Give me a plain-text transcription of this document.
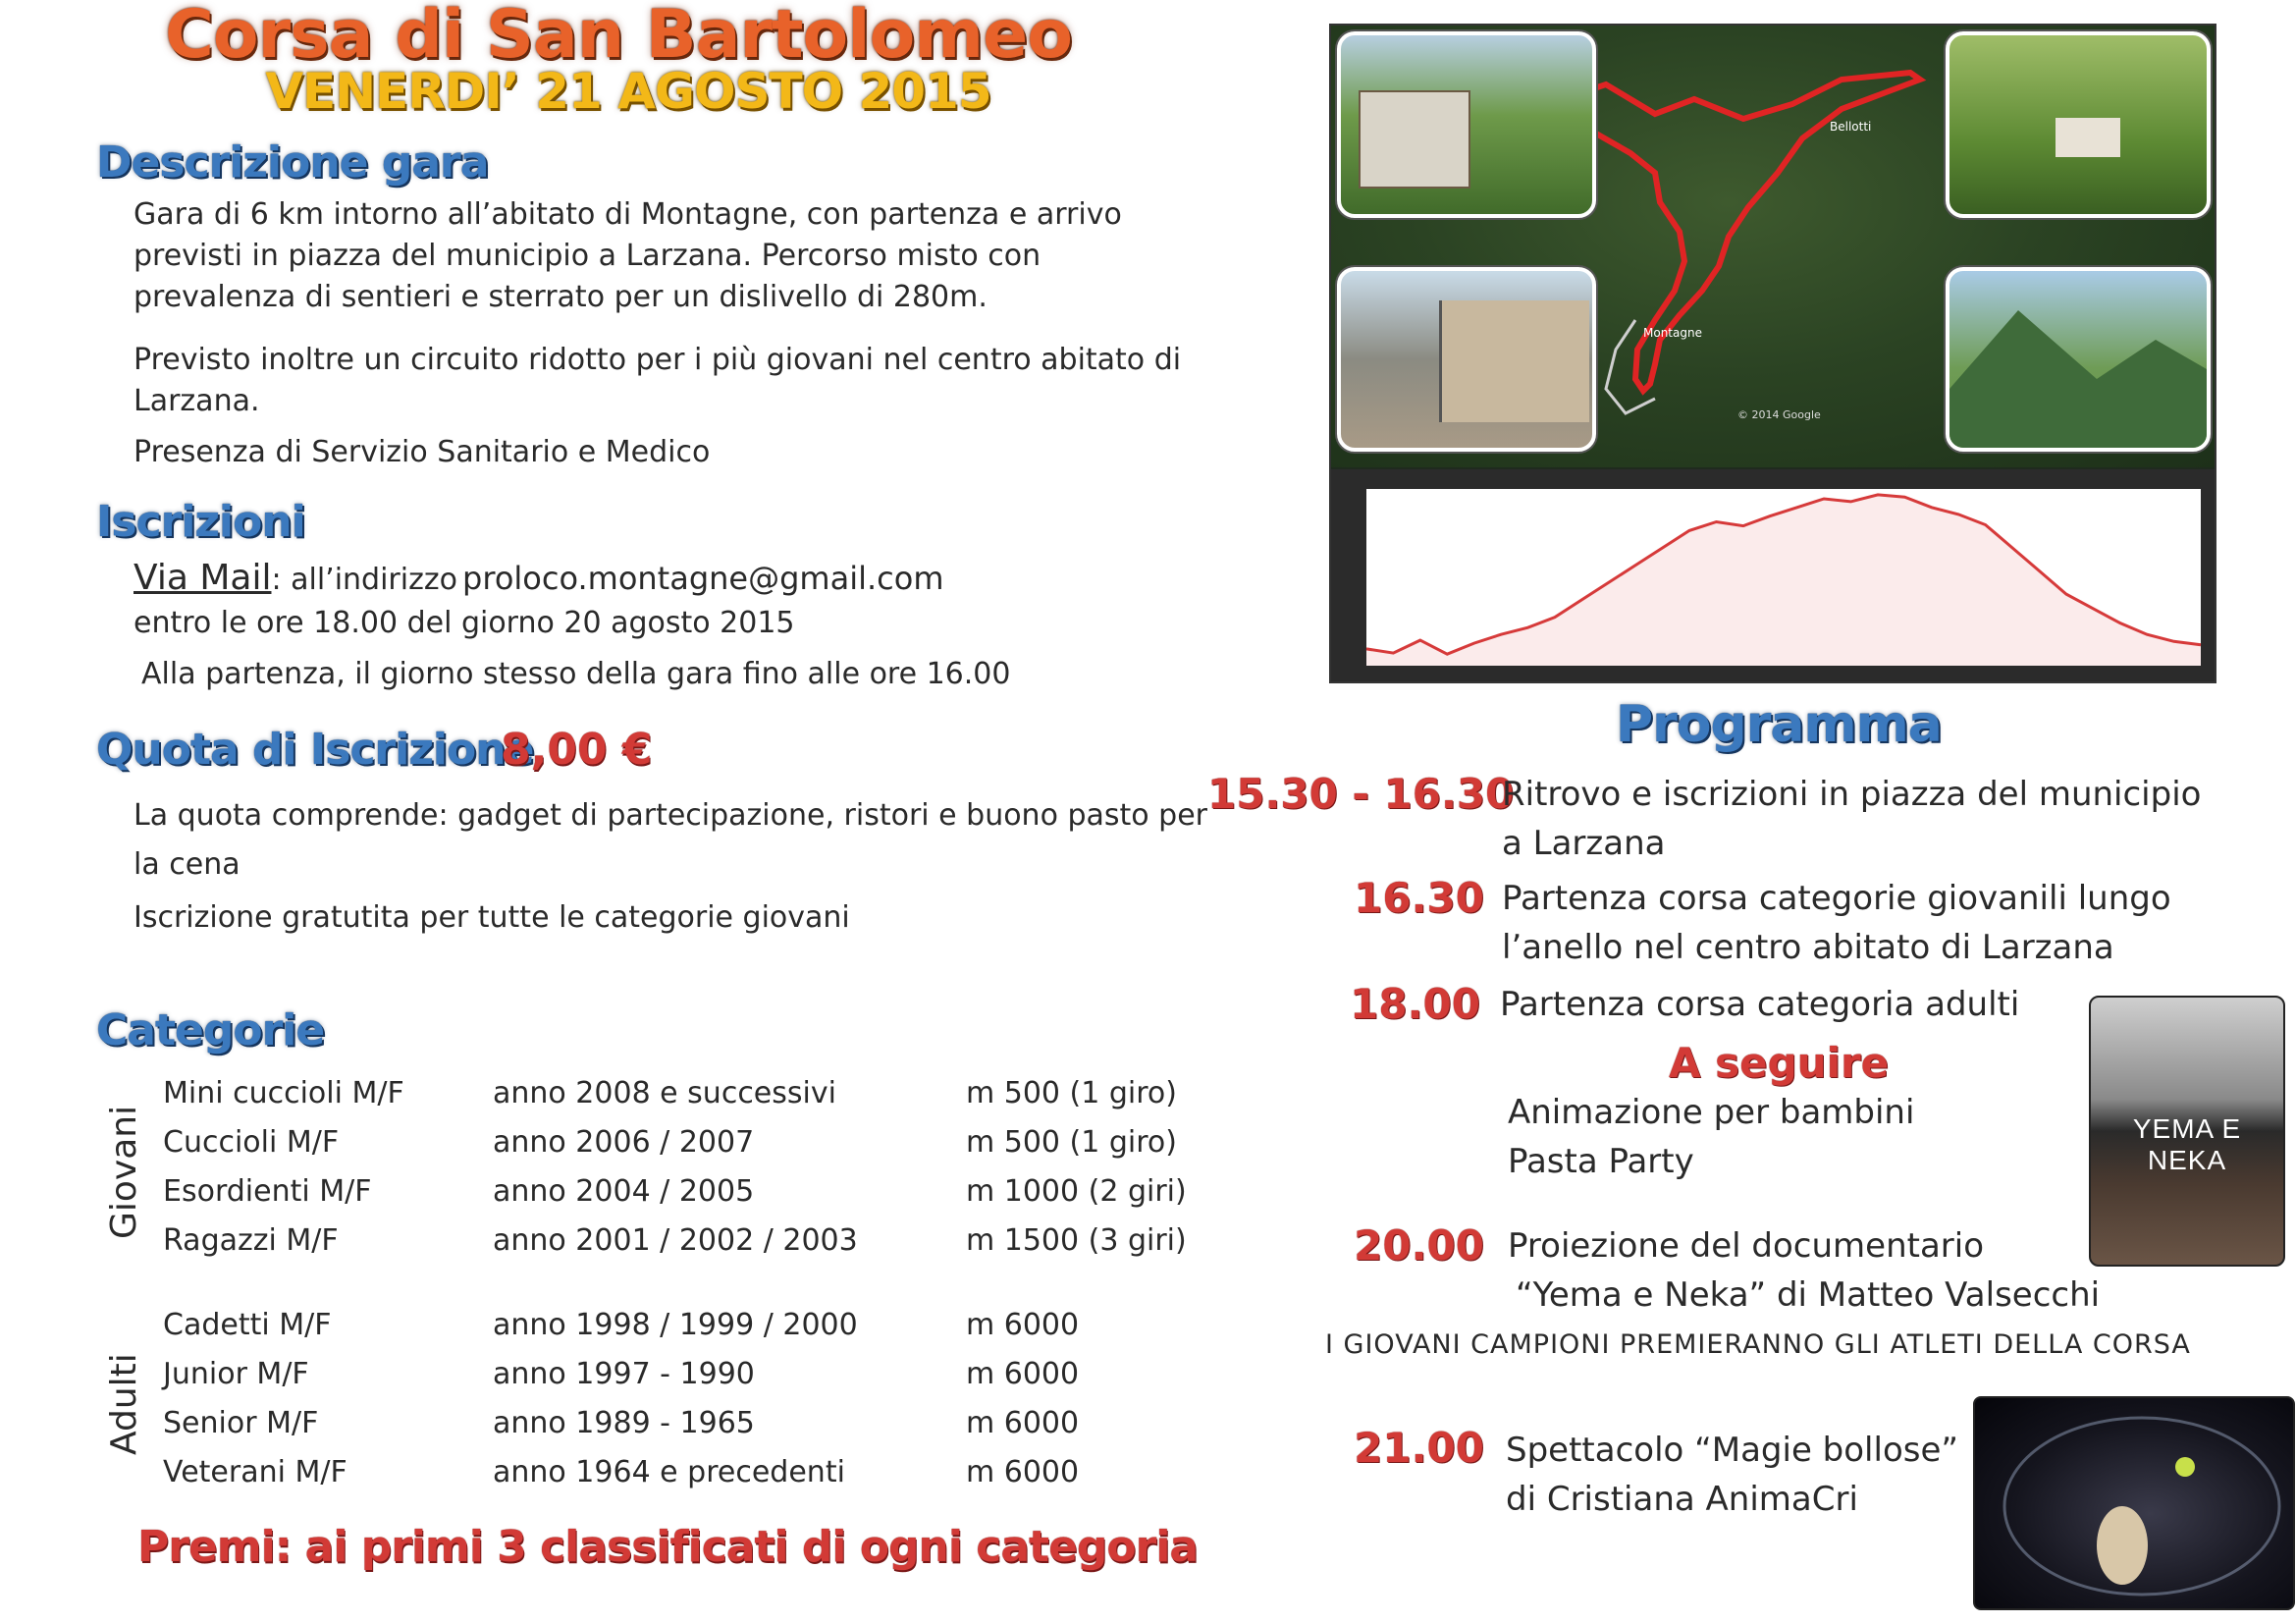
Corsa di San Bartolomeo
VENERDI’ 21 AGOSTO 2015
Descrizione gara
Gara di 6 km intorno all’abitato di Montagne, con partenza e arrivo previsti in piazza del municipio a Larzana. Percorso misto con prevalenza di sentieri e sterrato per un dislivello di 280m.
Previsto inoltre un circuito ridotto per i più giovani nel centro abitato di Larzana.
Presenza di Servizio Sanitario e Medico
Iscrizioni
Via Mail: all’indirizzo proloco.montagne@gmail.com
entro le ore 18.00 del giorno 20 agosto 2015
Alla partenza, il giorno stesso della gara fino alle ore 16.00
Quota di Iscrizione
8,00 €
La quota comprende: gadget di partecipazione, ristori e buono pasto per la cena
Iscrizione gratutita per tutte le categorie giovani
Categorie
Giovani
Adulti
Mini cuccioli M/F	anno 2008 e successivi	m 500 (1 giro)
Cuccioli M/F	anno 2006 / 2007	m 500 (1 giro)
Esordienti M/F	anno 2004 / 2005	m 1000 (2 giri)
Ragazzi M/F	anno 2001 / 2002 / 2003	m 1500 (3 giri)
Cadetti M/F	anno 1998 / 1999 / 2000	m 6000
Junior M/F	anno 1997 - 1990	m 6000
Senior M/F	anno 1989 - 1965	m 6000
Veterani M/F	anno 1964 e precedenti	m 6000
Premi: ai primi 3 classificati di ogni categoria
Montagne
Bellotti
© 2014 Google
Programma
15.30 - 16.30
Ritrovo e iscrizioni in piazza del municipio
a Larzana
16.30 Partenza corsa categorie giovanili lungo
l’anello nel centro abitato di Larzana
18.00 Partenza corsa categoria adulti
A seguire
Animazione per bambini
Pasta Party
20.00 Proiezione del documentario
“Yema e Neka” di Matteo Valsecchi
I GIOVANI CAMPIONI PREMIERANNO GLI ATLETI DELLA CORSA
21.00 Spettacolo “Magie bollose”
di Cristiana AnimaCri
YEMA E NEKA
